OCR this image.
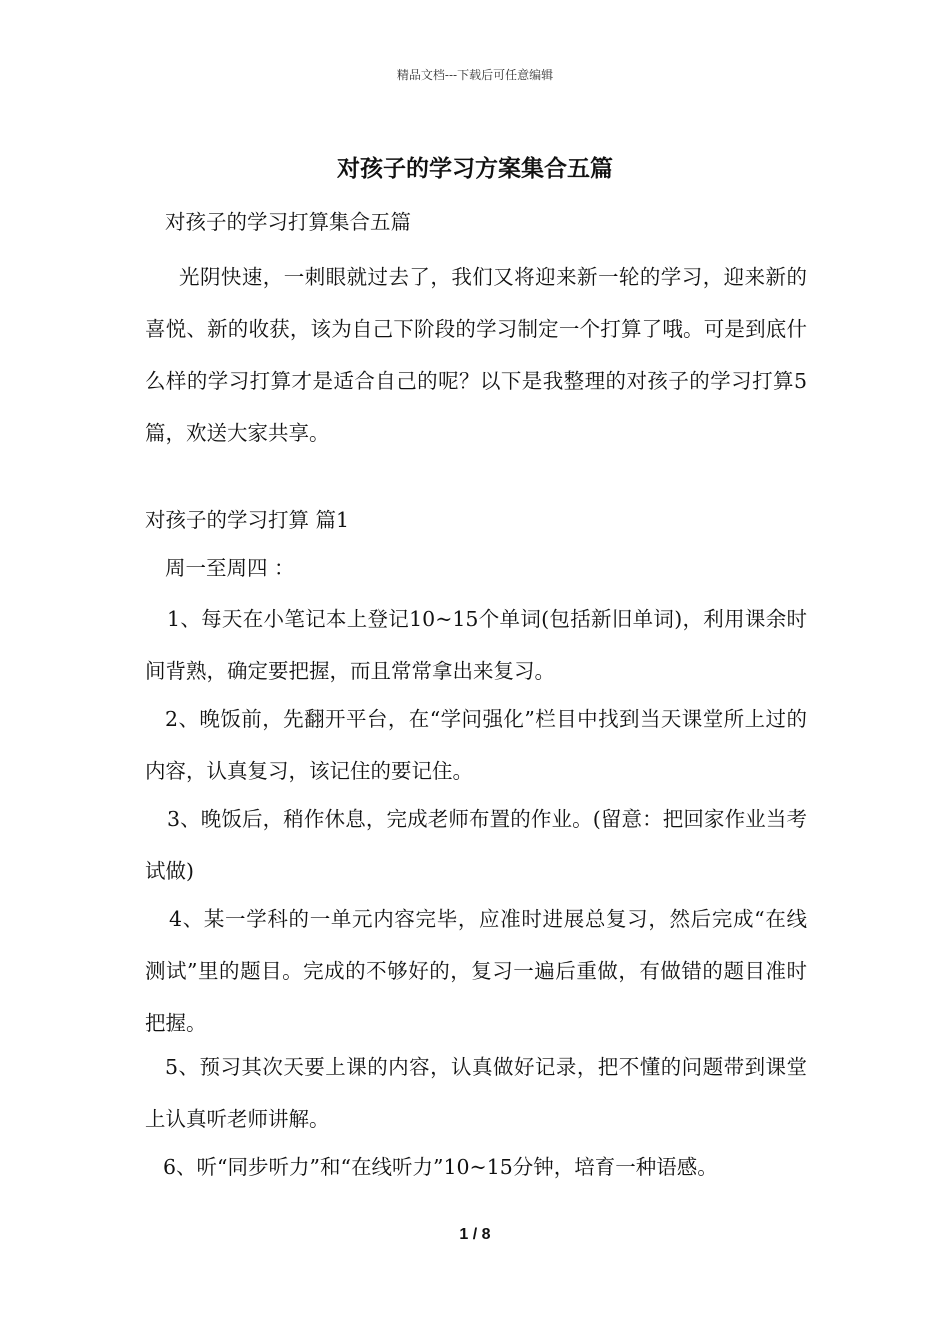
精品文档---下载后可任意编辑
对孩子的学习方案集合五篇
对孩子的学习打算集合五篇
光阴快速，一刺眼就过去了，我们又将迎来新一轮的学习，迎来新的喜悦、新的收获，该为自己下阶段的学习制定一个打算了哦。可是到底什么样的学习打算才是适合自己的呢？以下是我整理的对孩子的学习打算5篇，欢送大家共享。
对孩子的学习打算 篇1
周一至周四 ：
1、每天在小笔记本上登记10~15个单词(包括新旧单词)，利用课余时间背熟，确定要把握，而且常常拿出来复习。
2、晚饭前，先翻开平台，在“学问强化”栏目中找到当天课堂所上过的内容，认真复习，该记住的要记住。
3、晚饭后，稍作休息，完成老师布置的作业。(留意：把回家作业当考试做)
4、某一学科的一单元内容完毕，应准时进展总复习，然后完成“在线测试”里的题目。完成的不够好的，复习一遍后重做，有做错的题目准时把握。
5、预习其次天要上课的内容，认真做好记录，把不懂的问题带到课堂上认真听老师讲解。
6、听“同步听力”和“在线听力”10~15分钟，培育一种语感。
1 / 8
